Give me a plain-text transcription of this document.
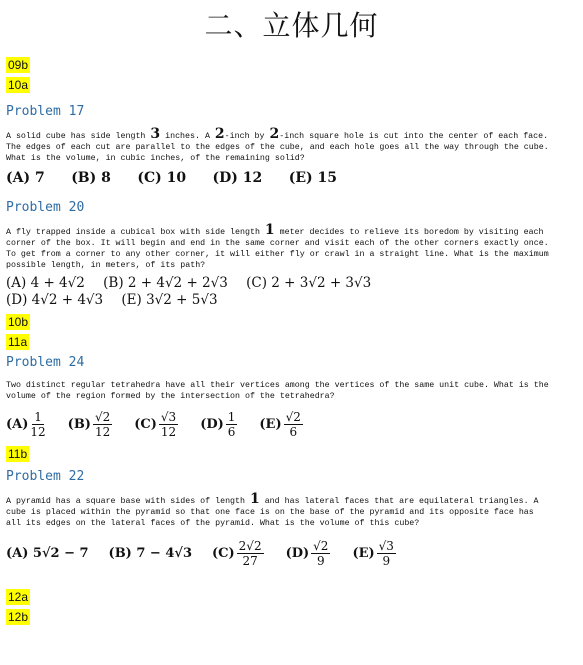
二、立体几何
09b
10a
Problem 17
A solid cube has side length 3 inches. A 2-inch by 2-inch square hole is cut into the center of each face. The edges of each cut are parallel to the edges of the cube, and each hole goes all the way through the cube. What is the volume, in cubic inches, of the remaining solid?
(A) 7 (B) 8 (C) 10 (D) 12 (E) 15
Problem 20
A fly trapped inside a cubical box with side length 1 meter decides to relieve its boredom by visiting each corner of the box. It will begin and end in the same corner and visit each of the other corners exactly once. To get from a corner to any other corner, it will either fly or crawl in a straight line. What is the maximum possible length, in meters, of its path?
(A) 4 + 4√2 (B) 2 + 4√2 + 2√3 (C) 2 + 3√2 + 3√3
(D) 4√2 + 4√3 (E) 3√2 + 5√3
10b
11a
Problem 24
Two distinct regular tetrahedra have all their vertices among the vertices of the same unit cube. What is the volume of the region formed by the intersection of the tetrahedra?
$(A) \frac{1}{12} (B) \frac{√2}{12} (C) \frac{√3}{12} (D) \frac{1}{6} (E) \frac{√2}{6}$
11b
Problem 22
A pyramid has a square base with sides of length 1 and has lateral faces that are equilateral triangles. A cube is placed within the pyramid so that one face is on the base of the pyramid and its opposite face has all its edges on the lateral faces of the pyramid. What is the volume of this cube?
(A) 5√2 − 7 (B) 7 − 4√3 $(C) \frac{2√2}{27} (D) \frac{√2}{9} (E) \frac{√3}{9}$
12a
12b
